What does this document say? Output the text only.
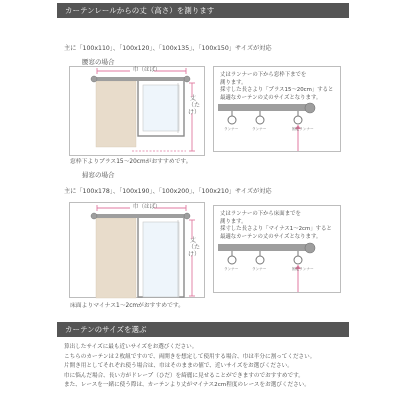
カーテンレールからの丈（高さ）を測ります
主に「100x110」、「100x120」、「100x135」、「100x150」サイズが対応
腰窓の場合
巾（はば）
丈（たけ）
窓枠下よりプラス15〜20cmがおすすめです。
丈はランナーの下から窓枠下までを
測ります。
採寸した長さより「プラス15〜20cm」すると
最適なカーテンの丈のサイズとなります。
ランナー	ランナー	固定ランナー
掃窓の場合
主に「100x178」、「100x190」、「100x200」、「100x210」サイズが対応
巾（はば）
丈（たけ）
床面よりマイナス1〜2cmがおすすめです。
丈はランナーの下から床面までを
測ります。
採寸した長さより「マイナス1〜2cm」すると
最適なカーテンの丈のサイズとなります。
ランナー	ランナー	固定ランナー
カーテンのサイズを選ぶ
算出したサイズに最も近いサイズをお選びください。
こちらのカーテンは２枚組ですので、両開きを想定して使用する場合、巾は半分に割ってください。
片開き用としてそれぞれ使う場合は、巾はそのままの値で、近いサイズをお選びください。
巾に悩んだ場合、長い方がドレープ（ひだ）を綺麗に見せることができますのでおすすめです。
また、レースを一緒に使う際は、カーテンより丈がマイナス2cm程度のレースをお選びください。
